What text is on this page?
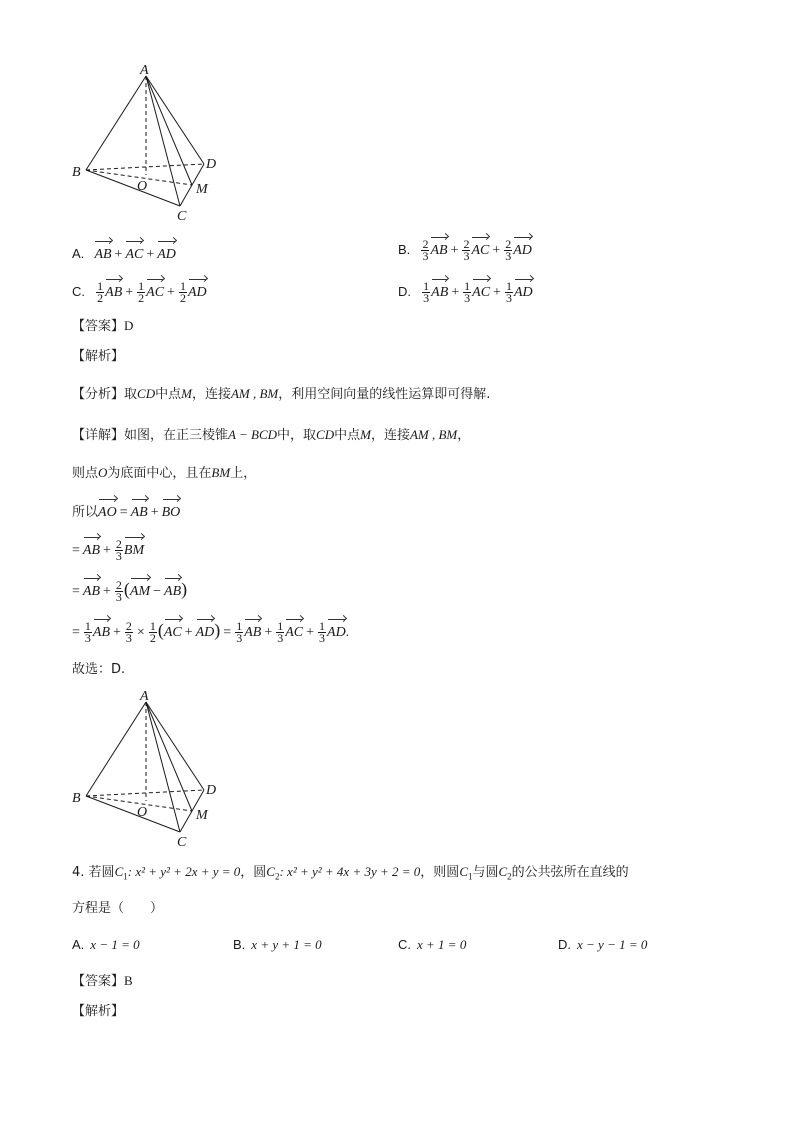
A
B
C
D
O	M
A. AB + AC + AD	B. $\frac{2}{3}$ AB + $\frac{2}{3}$ AC + $\frac{2}{3}$ AD
C. $\frac{1}{2}$ AB + $\frac{1}{2}$ AC + $\frac{1}{2}$ AD	D. $\frac{1}{3}$ AB + $\frac{1}{3}$ AC + $\frac{1}{3}$ AD
【答案】D
【解析】
【分析】取CD中点M，连接AM , BM，利用空间向量的线性运算即可得解.
【详解】如图，在正三棱锥A − BCD中，取CD中点M，连接AM , BM，
则点O为底面中心，且在BM上，
所以AO = AB + BO
= AB + $\frac{2}{3}$ BM
= AB + $\frac{2}{3} (AM - AB)$
= $\frac{1}{3}$ AB + $\frac{2}{3} \times \frac{1}{2} (AC + AD) = \frac{1}{3}$ AB + $\frac{1}{3}$ AC + $\frac{1}{3}$ AD.
故选：D.
A
B
C
D
O	M
4. 若圆$C_1$: x² + y² + 2x + y = 0，圆$C_2$: x² + y² + 4x + 3y + 2 = 0，则圆$C_1$与圆$C_2$的公共弦所在直线的
方程是（　　）
A. x − 1 = 0	B. x + y + 1 = 0	C. x + 1 = 0	D. x − y − 1 = 0
【答案】B
【解析】
